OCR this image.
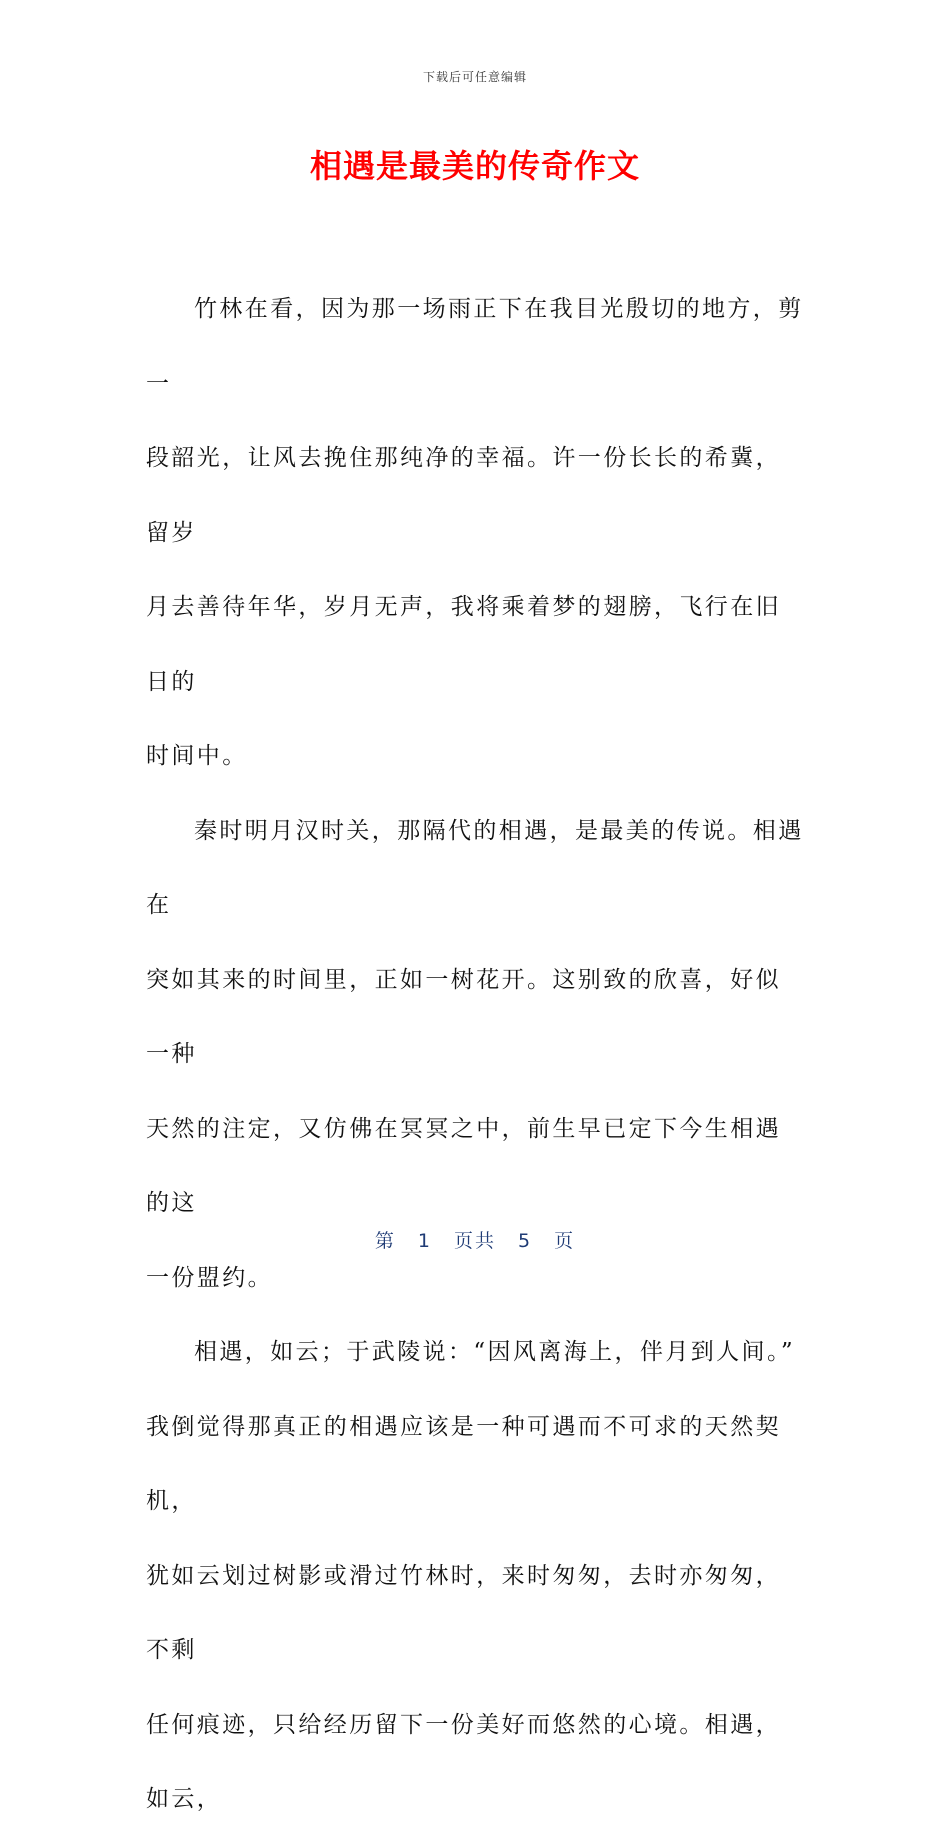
下载后可任意编辑
相遇是最美的传奇作文

竹林在看，因为那一场雨正下在我目光殷切的地方，剪一
段韶光，让风去挽住那纯净的幸福。许一份长长的希冀，留岁
月去善待年华，岁月无声，我将乘着梦的翅膀，飞行在旧日的
时间中。

秦时明月汉时关，那隔代的相遇，是最美的传说。相遇在
突如其来的时间里，正如一树花开。这别致的欣喜，好似一种
天然的注定，又仿佛在冥冥之中，前生早已定下今生相遇的这
一份盟约。

相遇，如云；于武陵说：“因风离海上，伴月到人间。”
我倒觉得那真正的相遇应该是一种可遇而不可求的天然契机，
犹如云划过树影或滑过竹林时，来时匆匆，去时亦匆匆，不剩
任何痕迹，只给经历留下一份美好而悠然的心境。相遇，如云，

第 1 页共 5 页
